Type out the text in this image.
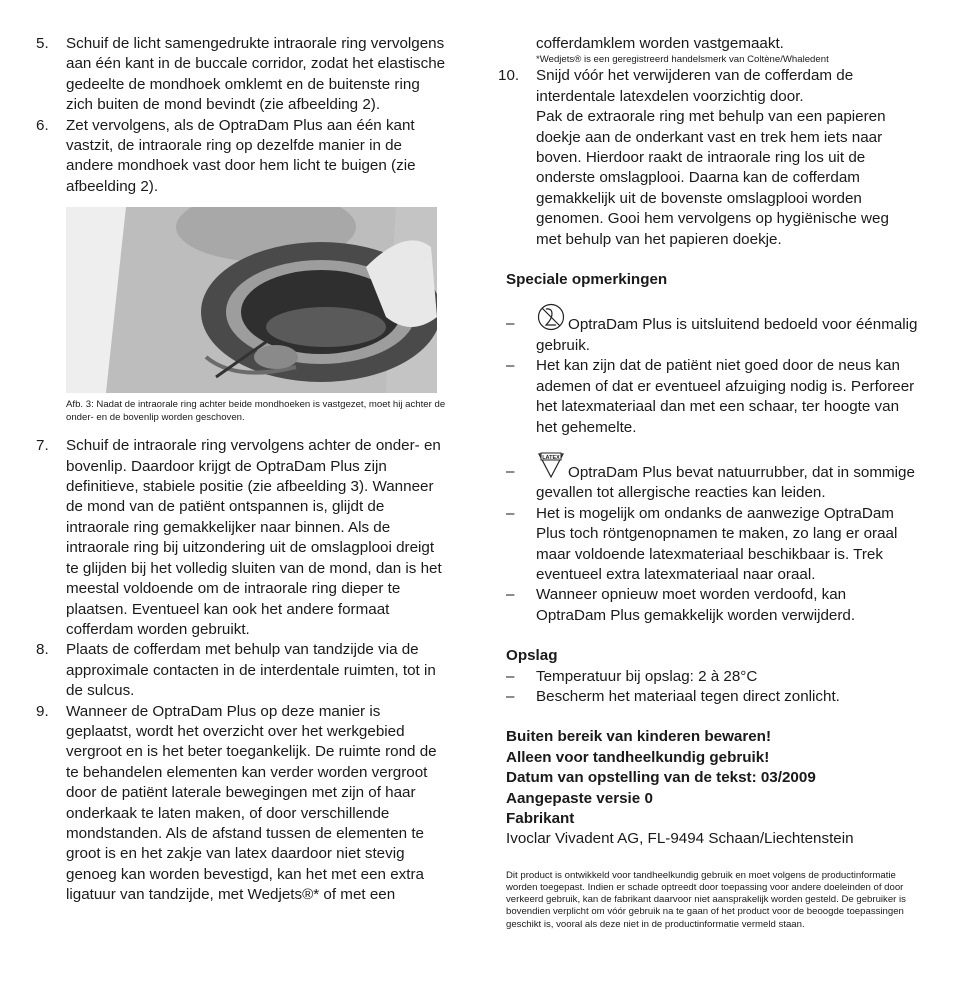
5. Schuif de licht samengedrukte intraorale ring vervolgens aan één kant in de buccale corridor, zodat het elastische gedeelte de mondhoek omklemt en de buitenste ring zich buiten de mond bevindt (zie afbeelding 2).
6. Zet vervolgens, als de OptraDam Plus aan één kant vastzit, de intraorale ring op dezelfde manier in de andere mondhoek vast door hem licht te buigen (zie afbeelding 2).
Afb. 3: Nadat de intraorale ring achter beide mondhoeken is vastgezet, moet hij achter de onder- en de bovenlip worden geschoven.
7. Schuif de intraorale ring vervolgens achter de onder- en bovenlip. Daardoor krijgt de OptraDam Plus zijn definitieve, stabiele positie (zie afbeelding 3). Wanneer de mond van de patiënt ontspannen is, glijdt de intraorale ring gemakkelijker naar binnen. Als de intraorale ring bij uitzondering uit de omslagplooi dreigt te glijden bij het volledig sluiten van de mond, dan is het meestal voldoende om de intraorale ring dieper te plaatsen. Eventueel kan ook het andere formaat cofferdam worden gebruikt.
8. Plaats de cofferdam met behulp van tandzijde via de approximale contacten in de interdentale ruimten, tot in de sulcus.
9. Wanneer de OptraDam Plus op deze manier is geplaatst, wordt het overzicht over het werkgebied vergroot en is het beter toegankelijk. De ruimte rond de te behandelen elementen kan verder worden vergroot door de patiënt laterale bewegingen met zijn of haar onderkaak te laten maken, of door verschillende mondstanden. Als de afstand tussen de elementen te groot is en het zakje van latex daardoor niet stevig genoeg kan worden bevestigd, kan het met een extra ligatuur van tandzijde, met Wedjets®* of met een
cofferdamklem worden vastgemaakt.
*Wedjets® is een geregistreerd handelsmerk van Coltène/Whaledent
10. Snijd vóór het verwijderen van de cofferdam de interdentale latexdelen voorzichtig door.
Pak de extraorale ring met behulp van een papieren doekje aan de onderkant vast en trek hem iets naar boven. Hierdoor raakt de intraorale ring los uit de onderste omslagplooi. Daarna kan de cofferdam gemakkelijk uit de bovenste omslagplooi worden genomen. Gooi hem vervolgens op hygiënische weg met behulp van het papieren doekje.
Speciale opmerkingen
–	OptraDam Plus is uitsluitend bedoeld voor éénmalig gebruik.
– Het kan zijn dat de patiënt niet goed door de neus kan ademen of dat er eventueel afzuiging nodig is. Perforeer het latexmateriaal dan met een schaar, ter hoogte van het gehemelte.
–
LATEX
OptraDam Plus bevat natuurrubber, dat in sommige gevallen tot allergische reacties kan leiden.
– Het is mogelijk om ondanks de aanwezige OptraDam Plus toch röntgenopnamen te maken, zo lang er oraal maar voldoende latexmateriaal beschikbaar is. Trek eventueel extra latexmateriaal naar oraal.
– Wanneer opnieuw moet worden verdoofd, kan OptraDam Plus gemakkelijk worden verwijderd.
Opslag
– Temperatuur bij opslag: 2 à 28°C
– Bescherm het materiaal tegen direct zonlicht.
Buiten bereik van kinderen bewaren!
Alleen voor tandheelkundig gebruik!
Datum van opstelling van de tekst: 03/2009
Aangepaste versie 0
Fabrikant
Ivoclar Vivadent AG, FL-9494 Schaan/Liechtenstein
Dit product is ontwikkeld voor tandheelkundig gebruik en moet volgens de productinformatie worden toegepast. Indien er schade optreedt door toepassing voor andere doeleinden of door verkeerd gebruik, kan de fabrikant daarvoor niet aansprakelijk worden gesteld. De gebruiker is bovendien verplicht om vóór gebruik na te gaan of het product voor de beoogde toepassingen geschikt is, vooral als deze niet in de productinformatie vermeld staan.
